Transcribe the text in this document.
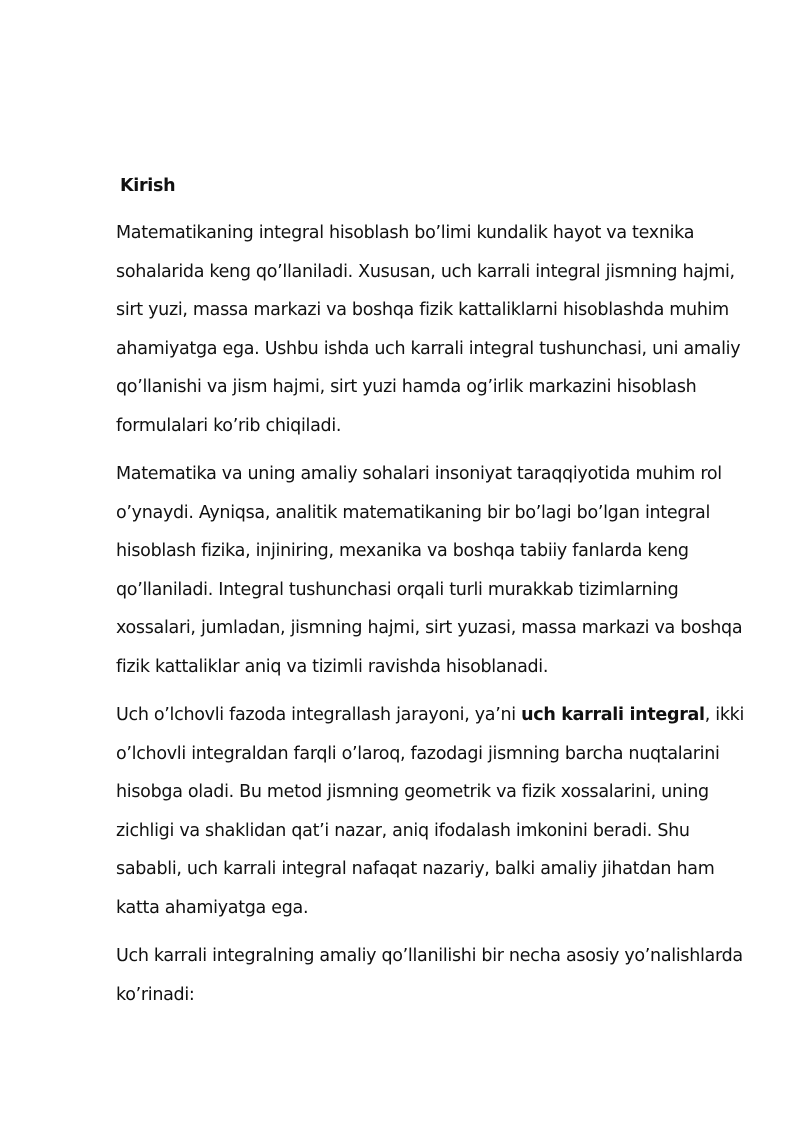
Kirish

Matematikaning integral hisoblash bo’limi kundalik hayot va texnika sohalarida keng qo’llaniladi. Xususan, uch karrali integral jismning hajmi, sirt yuzi, massa markazi va boshqa fizik kattaliklarni hisoblashda muhim ahamiyatga ega. Ushbu ishda uch karrali integral tushunchasi, uni amaliy qo’llanishi va jism hajmi, sirt yuzi hamda og’irlik markazini hisoblash formulalari ko’rib chiqiladi.

Matematika va uning amaliy sohalari insoniyat taraqqiyotida muhim rol o’ynaydi. Ayniqsa, analitik matematikaning bir bo’lagi bo’lgan integral hisoblash fizika, injiniring, mexanika va boshqa tabiiy fanlarda keng qo’llaniladi. Integral tushunchasi orqali turli murakkab tizimlarning xossalari, jumladan, jismning hajmi, sirt yuzasi, massa markazi va boshqa fizik kattaliklar aniq va tizimli ravishda hisoblanadi.

Uch o’lchovli fazoda integrallash jarayoni, ya’ni uch karrali integral, ikki o’lchovli integraldan farqli o’laroq, fazodagi jismning barcha nuqtalarini hisobga oladi. Bu metod jismning geometrik va fizik xossalarini, uning zichligi va shaklidan qat’i nazar, aniq ifodalash imkonini beradi. Shu sababli, uch karrali integral nafaqat nazariy, balki amaliy jihatdan ham katta ahamiyatga ega.

Uch karrali integralning amaliy qo’llanilishi bir necha asosiy yo’nalishlarda ko’rinadi:
